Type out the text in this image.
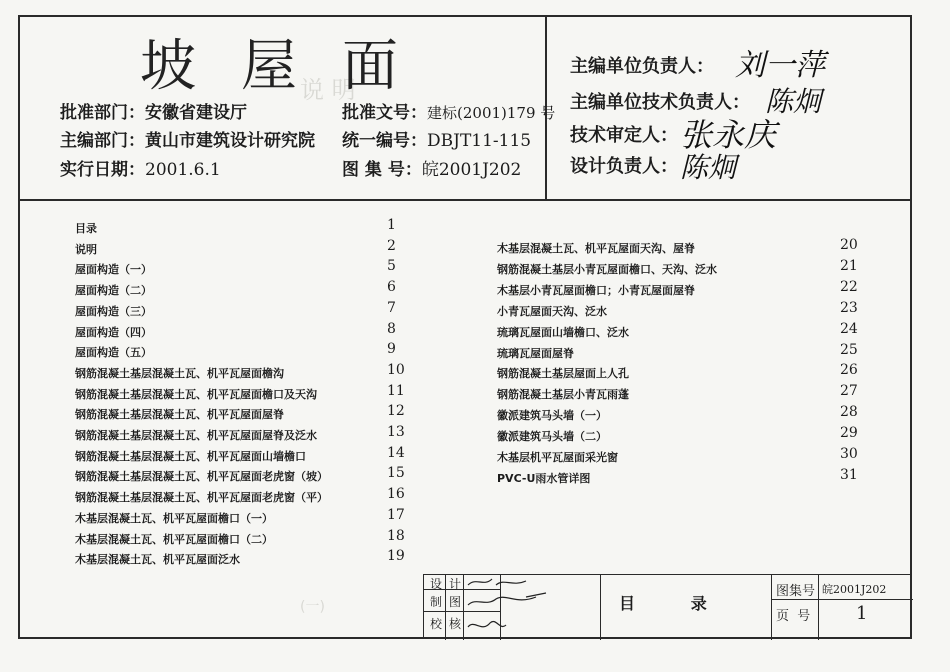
说 明
(一)
坡 屋 面
批准部门：安徽省建设厅
主编部门：黄山市建筑设计研究院
实行日期：2001.6.1
批准文号：建标(2001)179 号
统一编号：DBJT11-115
图 集 号：皖2001J202
主编单位负责人： 刘一萍
主编单位技术负责人： 陈炯
技术审定人： 张永庆
设计负责人： 陈炯
目录	1
说明	2
屋面构造（一）	5
屋面构造（二）	6
屋面构造（三）	7
屋面构造（四）	8
屋面构造（五）	9
钢筋混凝土基层混凝土瓦、机平瓦屋面檐沟	10
钢筋混凝土基层混凝土瓦、机平瓦屋面檐口及天沟	11
钢筋混凝土基层混凝土瓦、机平瓦屋面屋脊	12
钢筋混凝土基层混凝土瓦、机平瓦屋面屋脊及泛水	13
钢筋混凝土基层混凝土瓦、机平瓦屋面山墙檐口	14
钢筋混凝土基层混凝土瓦、机平瓦屋面老虎窗（坡）	15
钢筋混凝土基层混凝土瓦、机平瓦屋面老虎窗（平）	16
木基层混凝土瓦、机平瓦屋面檐口（一）	17
木基层混凝土瓦、机平瓦屋面檐口（二）	18
木基层混凝土瓦、机平瓦屋面泛水	19
木基层混凝土瓦、机平瓦屋面天沟、屋脊	20
钢筋混凝土基层小青瓦屋面檐口、天沟、泛水	21
木基层小青瓦屋面檐口；小青瓦屋面屋脊	22
小青瓦屋面天沟、泛水	23
琉璃瓦屋面山墙檐口、泛水	24
琉璃瓦屋面屋脊	25
钢筋混凝土基层屋面上人孔	26
钢筋混凝土基层小青瓦雨蓬	27
徽派建筑马头墙（一）	28
徽派建筑马头墙（二）	29
木基层机平瓦屋面采光窗	30
PVC-U雨水管详图	31
设 计
制 图
校 核
目          录
图集号 皖2001J202
页  号	1
